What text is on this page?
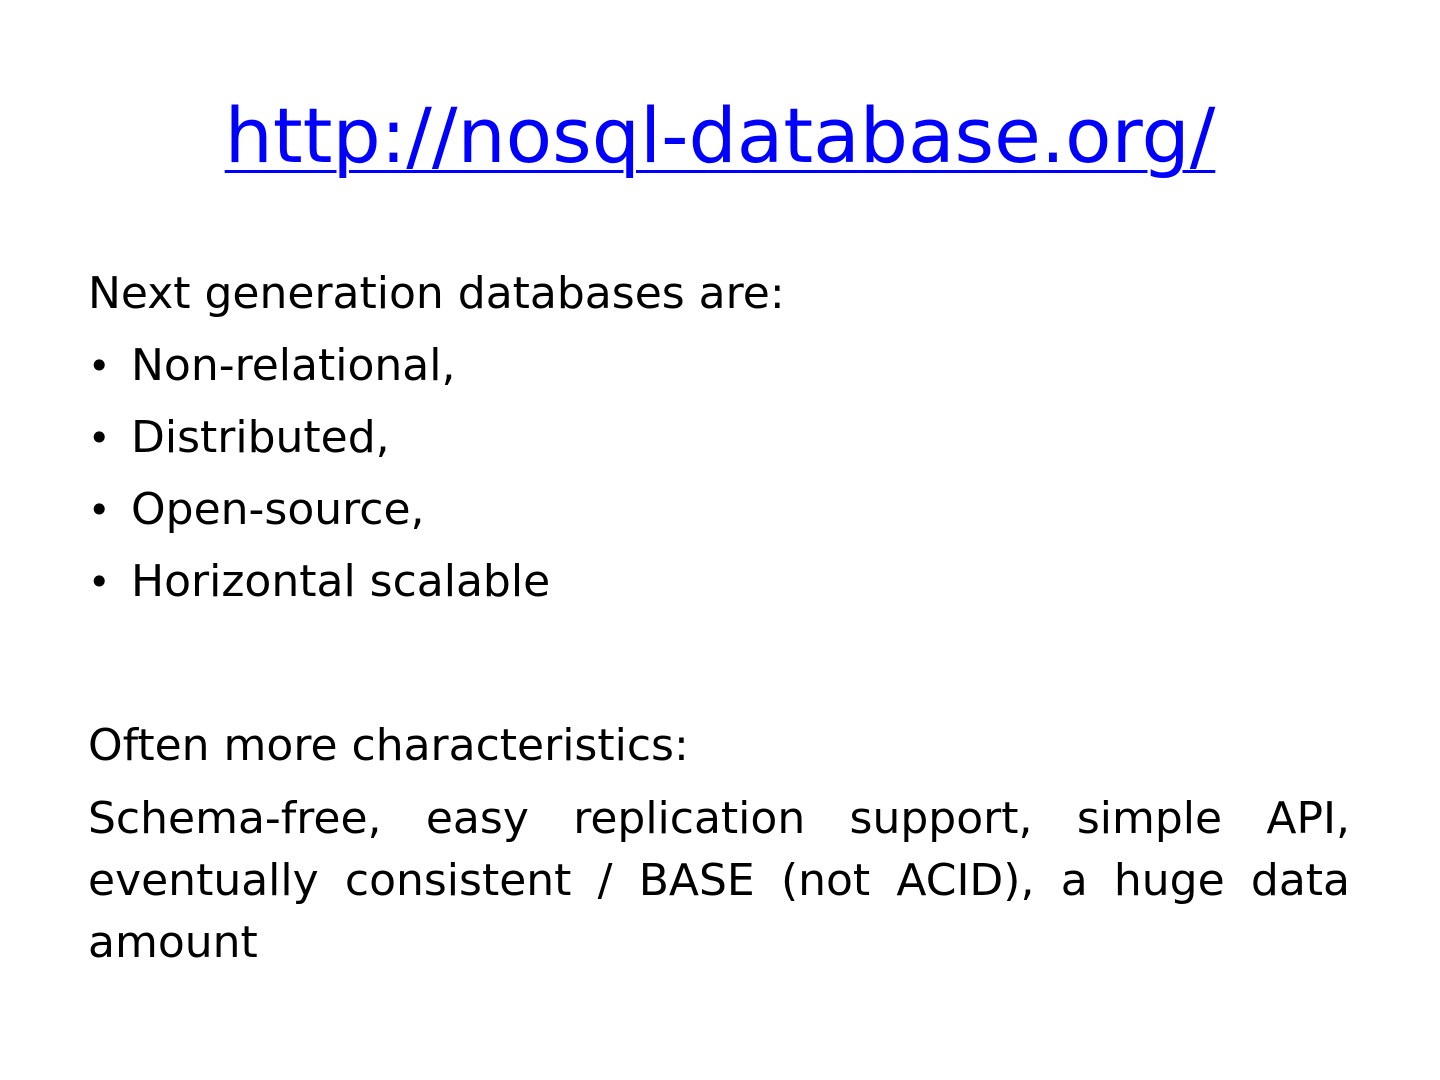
http://nosql-database.org/

Next generation databases are:

• Non-relational,
• Distributed,
• Open-source,
• Horizontal scalable

Often more characteristics:

Schema-free, easy replication support, simple API, eventually consistent / BASE (not ACID), a huge data amount
